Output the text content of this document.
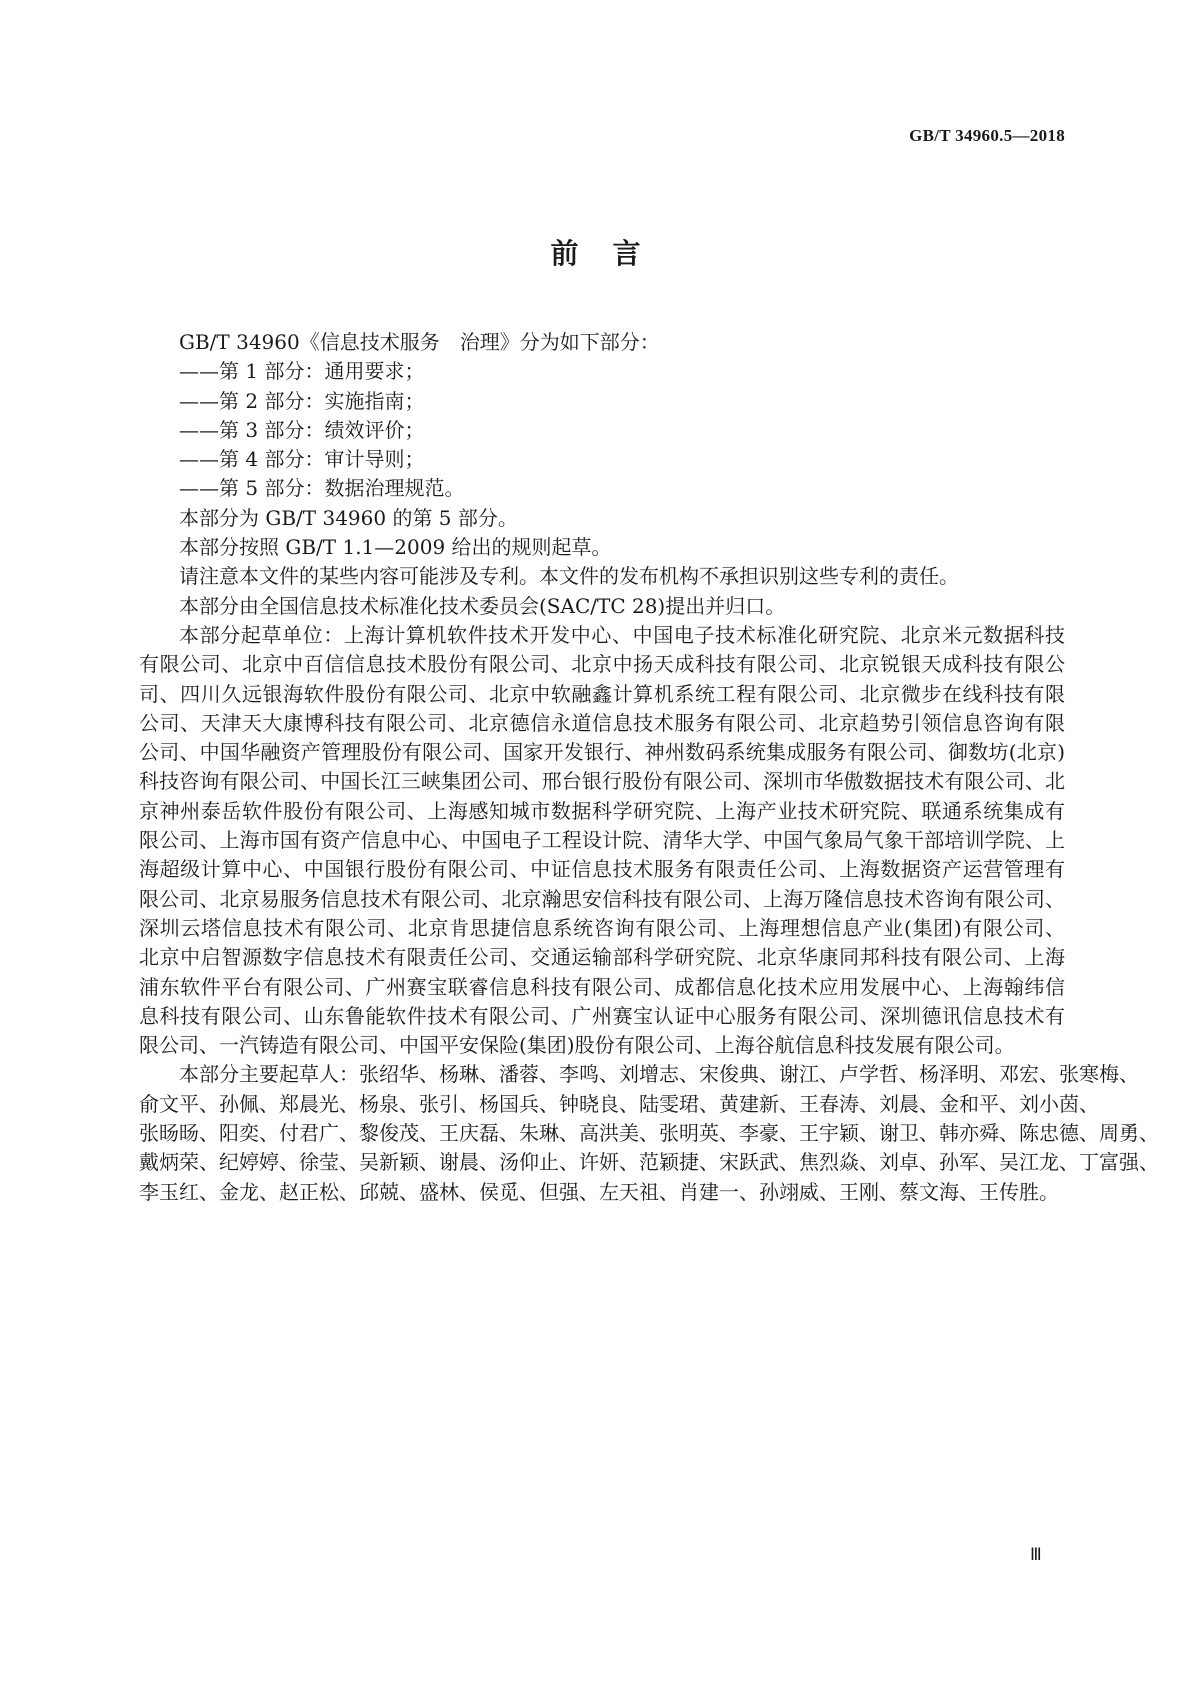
GB/T 34960.5—2018
前言
GB/T 34960《信息技术服务　治理》分为如下部分：
——第 1 部分：通用要求；
——第 2 部分：实施指南；
——第 3 部分：绩效评价；
——第 4 部分：审计导则；
——第 5 部分：数据治理规范。
本部分为 GB/T 34960 的第 5 部分。
本部分按照 GB/T 1.1—2009 给出的规则起草。
请注意本文件的某些内容可能涉及专利。本文件的发布机构不承担识别这些专利的责任。
本部分由全国信息技术标准化技术委员会(SAC/TC 28)提出并归口。
本部分起草单位：上海计算机软件技术开发中心、中国电子技术标准化研究院、北京米元数据科技
有限公司、北京中百信信息技术股份有限公司、北京中扬天成科技有限公司、北京锐银天成科技有限公
司、四川久远银海软件股份有限公司、北京中软融鑫计算机系统工程有限公司、北京微步在线科技有限
公司、天津天大康博科技有限公司、北京德信永道信息技术服务有限公司、北京趋势引领信息咨询有限
公司、中国华融资产管理股份有限公司、国家开发银行、神州数码系统集成服务有限公司、御数坊(北京)
科技咨询有限公司、中国长江三峡集团公司、邢台银行股份有限公司、深圳市华傲数据技术有限公司、北
京神州泰岳软件股份有限公司、上海感知城市数据科学研究院、上海产业技术研究院、联通系统集成有
限公司、上海市国有资产信息中心、中国电子工程设计院、清华大学、中国气象局气象干部培训学院、上
海超级计算中心、中国银行股份有限公司、中证信息技术服务有限责任公司、上海数据资产运营管理有
限公司、北京易服务信息技术有限公司、北京瀚思安信科技有限公司、上海万隆信息技术咨询有限公司、
深圳云塔信息技术有限公司、北京肯思捷信息系统咨询有限公司、上海理想信息产业(集团)有限公司、
北京中启智源数字信息技术有限责任公司、交通运输部科学研究院、北京华康同邦科技有限公司、上海
浦东软件平台有限公司、广州赛宝联睿信息科技有限公司、成都信息化技术应用发展中心、上海翰纬信
息科技有限公司、山东鲁能软件技术有限公司、广州赛宝认证中心服务有限公司、深圳德讯信息技术有
限公司、一汽铸造有限公司、中国平安保险(集团)股份有限公司、上海谷航信息科技发展有限公司。
本部分主要起草人：张绍华、杨琳、潘蓉、李鸣、刘增志、宋俊典、谢江、卢学哲、杨泽明、邓宏、张寒梅、
俞文平、孙佩、郑晨光、杨泉、张引、杨国兵、钟晓良、陆雯珺、黄建新、王春涛、刘晨、金和平、刘小茵、
张旸旸、阳奕、付君广、黎俊茂、王庆磊、朱琳、高洪美、张明英、李豪、王宇颖、谢卫、韩亦舜、陈忠德、周勇、
戴炳荣、纪婷婷、徐莹、吴新颖、谢晨、汤仰止、许妍、范颖捷、宋跃武、焦烈焱、刘卓、孙军、吴江龙、丁富强、
李玉红、金龙、赵正松、邱兢、盛林、侯觅、但强、左天祖、肖建一、孙翊威、王刚、蔡文海、王传胜。
Ⅲ
